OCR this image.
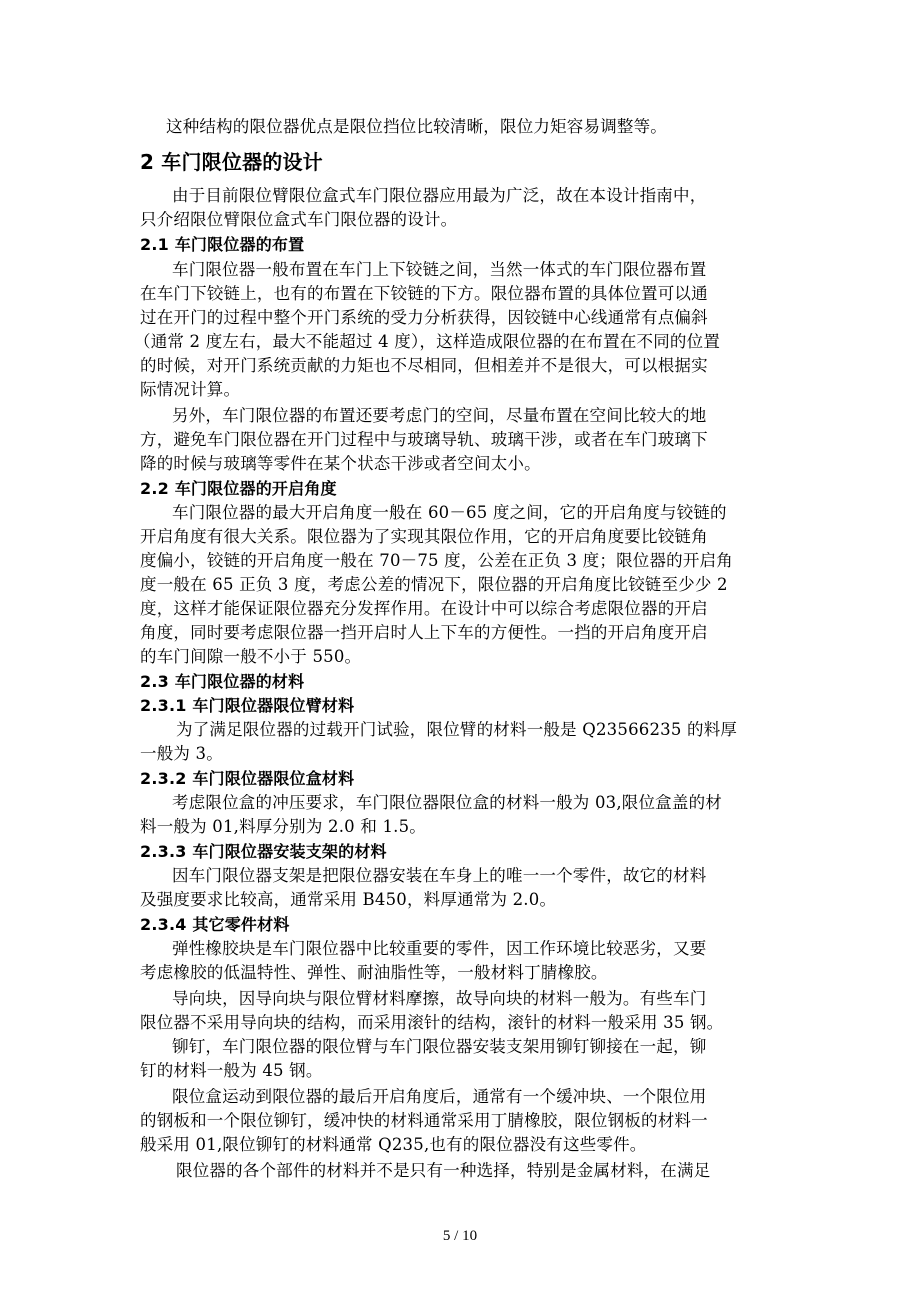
这种结构的限位器优点是限位挡位比较清晰，限位力矩容易调整等。
2 车门限位器的设计
由于目前限位臂限位盒式车门限位器应用最为广泛，故在本设计指南中，
只介绍限位臂限位盒式车门限位器的设计。
2.1 车门限位器的布置
车门限位器一般布置在车门上下铰链之间，当然一体式的车门限位器布置
在车门下铰链上，也有的布置在下铰链的下方。限位器布置的具体位置可以通
过在开门的过程中整个开门系统的受力分析获得，因铰链中心线通常有点偏斜
（通常 2 度左右，最大不能超过 4 度），这样造成限位器的在布置在不同的位置
的时候，对开门系统贡献的力矩也不尽相同，但相差并不是很大，可以根据实
际情况计算。
另外，车门限位器的布置还要考虑门的空间，尽量布置在空间比较大的地
方，避免车门限位器在开门过程中与玻璃导轨、玻璃干涉，或者在车门玻璃下
降的时候与玻璃等零件在某个状态干涉或者空间太小。
2.2 车门限位器的开启角度
车门限位器的最大开启角度一般在 60－65 度之间，它的开启角度与铰链的
开启角度有很大关系。限位器为了实现其限位作用，它的开启角度要比铰链角
度偏小，铰链的开启角度一般在 70－75 度，公差在正负 3 度；限位器的开启角
度一般在 65 正负 3 度，考虑公差的情况下，限位器的开启角度比铰链至少少 2
度，这样才能保证限位器充分发挥作用。在设计中可以综合考虑限位器的开启
角度，同时要考虑限位器一挡开启时人上下车的方便性。一挡的开启角度开启
的车门间隙一般不小于 550。
2.3 车门限位器的材料
2.3.1 车门限位器限位臂材料
为了满足限位器的过载开门试验，限位臂的材料一般是 Q23566235 的料厚
一般为 3。
2.3.2 车门限位器限位盒材料
考虑限位盒的冲压要求，车门限位器限位盒的材料一般为 03,限位盒盖的材
料一般为 01,料厚分别为 2.0 和 1.5。
2.3.3 车门限位器安装支架的材料
因车门限位器支架是把限位器安装在车身上的唯一一个零件，故它的材料
及强度要求比较高，通常采用 B450，料厚通常为 2.0。
2.3.4 其它零件材料
弹性橡胶块是车门限位器中比较重要的零件，因工作环境比较恶劣，又要
考虑橡胶的低温特性、弹性、耐油脂性等，一般材料丁腈橡胶。
导向块，因导向块与限位臂材料摩擦，故导向块的材料一般为。有些车门
限位器不采用导向块的结构，而采用滚针的结构，滚针的材料一般采用 35 钢。
铆钉，车门限位器的限位臂与车门限位器安装支架用铆钉铆接在一起，铆
钉的材料一般为 45 钢。
限位盒运动到限位器的最后开启角度后，通常有一个缓冲块、一个限位用
的钢板和一个限位铆钉，缓冲快的材料通常采用丁腈橡胶，限位钢板的材料一
般采用 01,限位铆钉的材料通常 Q235,也有的限位器没有这些零件。
限位器的各个部件的材料并不是只有一种选择，特别是金属材料，在满足
5 / 10
